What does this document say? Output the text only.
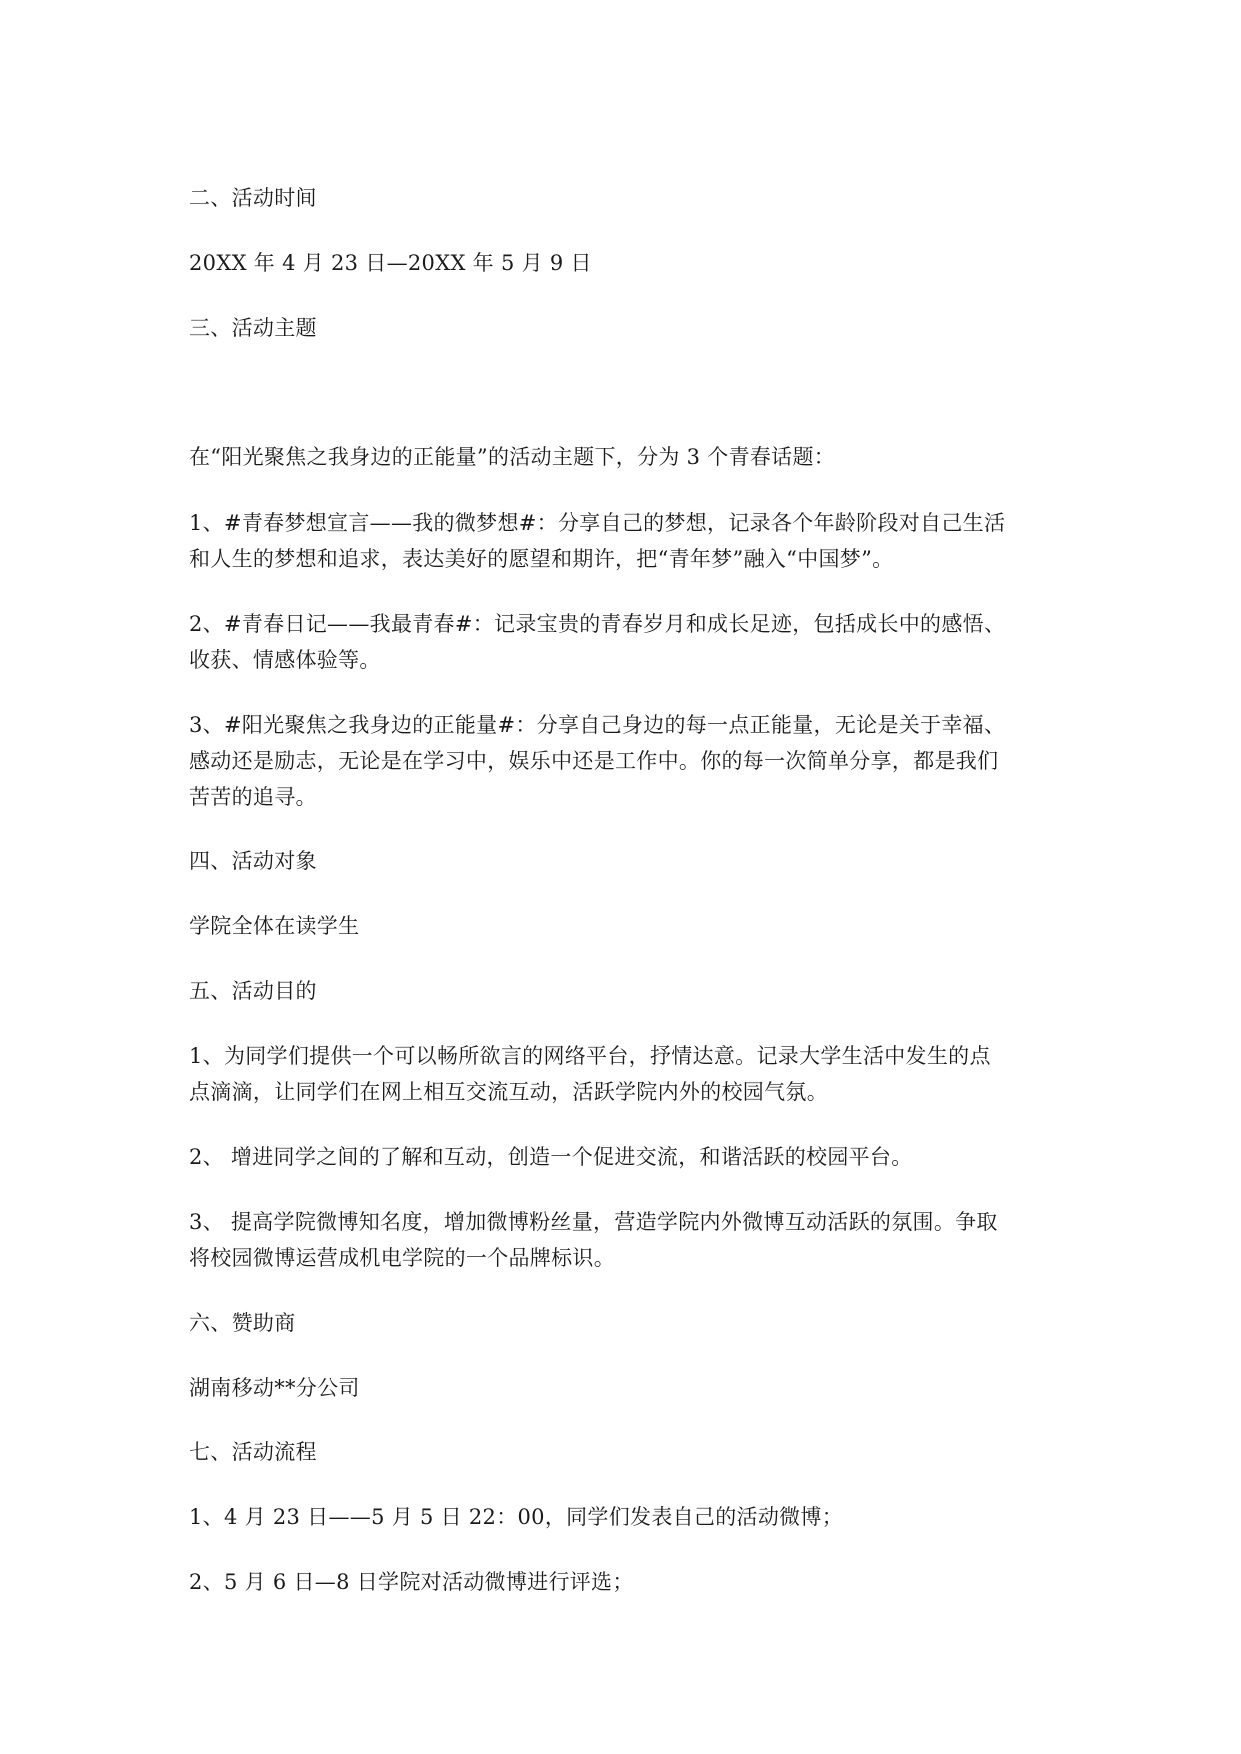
二、活动时间
20XX 年 4 月 23 日—20XX 年 5 月 9 日
三、活动主题
在“阳光聚焦之我身边的正能量”的活动主题下，分为 3 个青春话题：
1、#青春梦想宣言——我的微梦想#：分享自己的梦想，记录各个年龄阶段对自己生活
和人生的梦想和追求，表达美好的愿望和期许，把“青年梦”融入“中国梦”。
2、#青春日记——我最青春#：记录宝贵的青春岁月和成长足迹，包括成长中的感悟、
收获、情感体验等。
3、#阳光聚焦之我身边的正能量#：分享自己身边的每一点正能量，无论是关于幸福、
感动还是励志，无论是在学习中，娱乐中还是工作中。你的每一次简单分享，都是我们
苦苦的追寻。
四、活动对象
学院全体在读学生
五、活动目的
1、为同学们提供一个可以畅所欲言的网络平台，抒情达意。记录大学生活中发生的点
点滴滴，让同学们在网上相互交流互动，活跃学院内外的校园气氛。
2、 增进同学之间的了解和互动，创造一个促进交流，和谐活跃的校园平台。
3、 提高学院微博知名度，增加微博粉丝量，营造学院内外微博互动活跃的氛围。争取
将校园微博运营成机电学院的一个品牌标识。
六、赞助商
湖南移动**分公司
七、活动流程
1、4 月 23 日——5 月 5 日 22：00，同学们发表自己的活动微博；
2、5 月 6 日—8 日学院对活动微博进行评选；
